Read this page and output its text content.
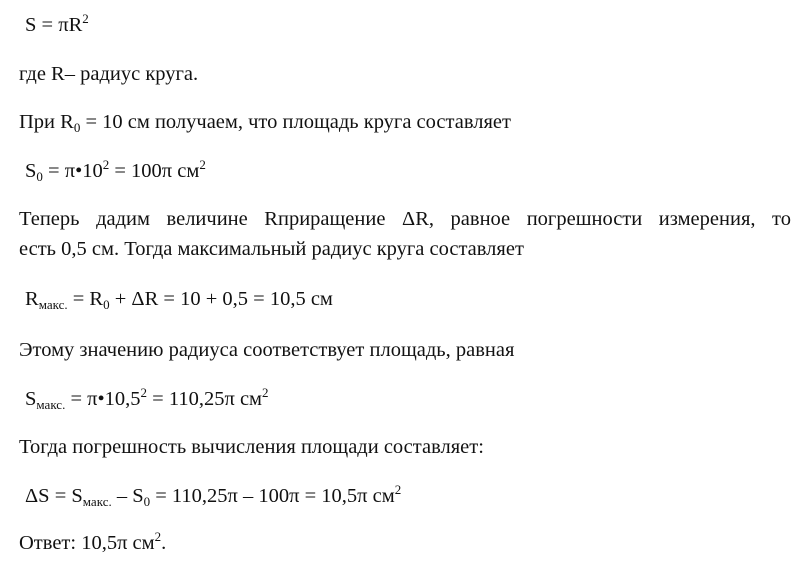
$S = \pi R^2$
где R– радиус круга.
При $R_0 = 10$ см получаем, что площадь круга составляет
$S_0$ = $\pi•10^2 = 100\pi$ $см^2$
Теперь дадим величине Rприращение ΔR, равное погрешности измерения, то
есть 0,5 см. Тогда максимальный радиус круга составляет
$R_{макс.} = R_0 + \Delta R = 10 + 0,5 = 10,5$ см
Этому значению радиуса соответствует площадь, равная
$S_{макс.}$ = $\pi•10,5^2 = 110,25\pi$ $см^2$
Тогда погрешность вычисления площади составляет:
$\Delta S = S_{макс.} - S_0 = 110,25\pi - 100\pi = 10,5\pi$ $см^2$
Ответ: 10,5π $см^2$.
